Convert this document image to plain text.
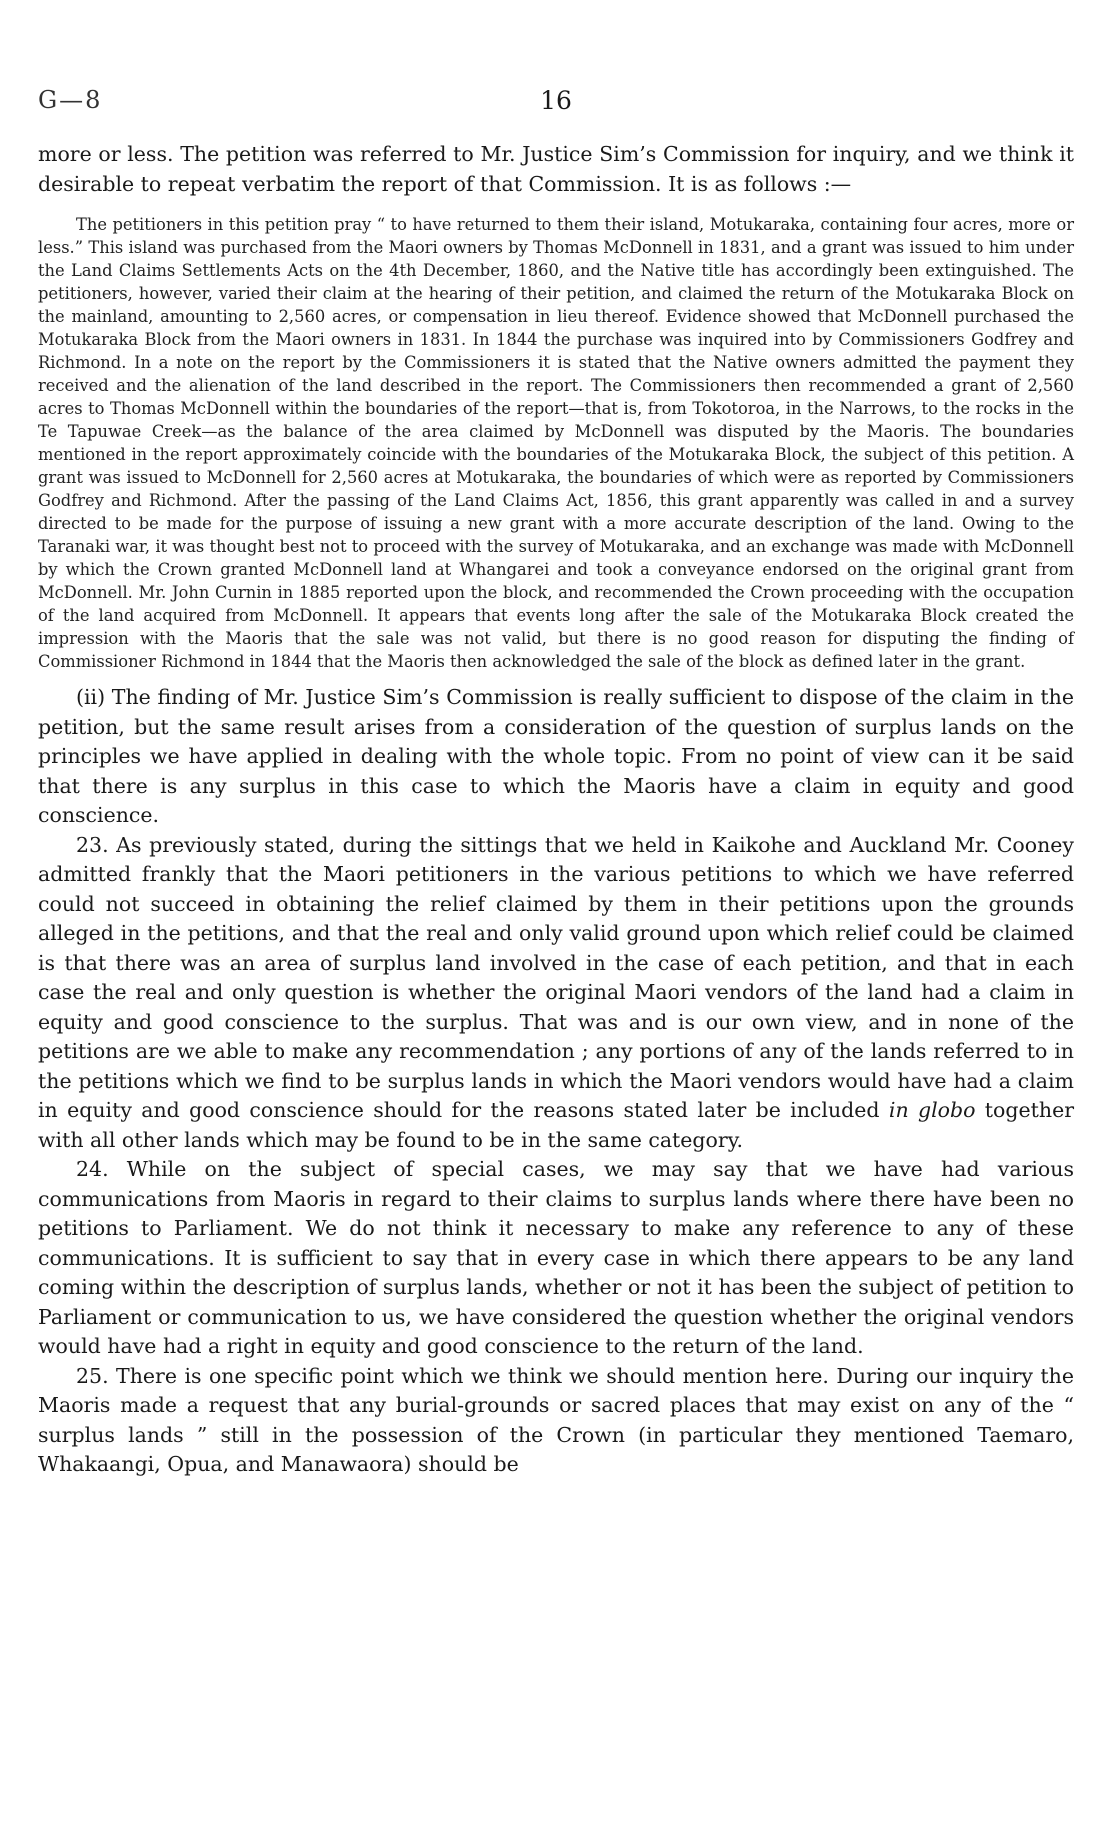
G—8	16

more or less. The petition was referred to Mr. Justice Sim’s Commission for inquiry, and we think it desirable to repeat verbatim the report of that Commission. It is as follows :—

The petitioners in this petition pray “ to have returned to them their island, Motukaraka, containing four acres, more or less.” This island was purchased from the Maori owners by Thomas McDonnell in 1831, and a grant was issued to him under the Land Claims Settlements Acts on the 4th December, 1860, and the Native title has accordingly been extinguished. The petitioners, however, varied their claim at the hearing of their petition, and claimed the return of the Motukaraka Block on the mainland, amounting to 2,560 acres, or compensation in lieu thereof. Evidence showed that McDonnell purchased the Motukaraka Block from the Maori owners in 1831. In 1844 the purchase was inquired into by Commissioners Godfrey and Richmond. In a note on the report by the Commissioners it is stated that the Native owners admitted the payment they received and the alienation of the land described in the report. The Commissioners then recommended a grant of 2,560 acres to Thomas McDonnell within the boundaries of the report—that is, from Tokotoroa, in the Narrows, to the rocks in the Te Tapuwae Creek—as the balance of the area claimed by McDonnell was disputed by the Maoris. The boundaries mentioned in the report approximately coincide with the boundaries of the Motukaraka Block, the subject of this petition. A grant was issued to McDonnell for 2,560 acres at Motukaraka, the boundaries of which were as reported by Commissioners Godfrey and Richmond. After the passing of the Land Claims Act, 1856, this grant apparently was called in and a survey directed to be made for the purpose of issuing a new grant with a more accurate description of the land. Owing to the Taranaki war, it was thought best not to proceed with the survey of Motukaraka, and an exchange was made with McDonnell by which the Crown granted McDonnell land at Whangarei and took a conveyance endorsed on the original grant from McDonnell. Mr. John Curnin in 1885 reported upon the block, and recommended the Crown proceeding with the occupation of the land acquired from McDonnell. It appears that events long after the sale of the Motukaraka Block created the impression with the Maoris that the sale was not valid, but there is no good reason for disputing the finding of Commissioner Richmond in 1844 that the Maoris then acknowledged the sale of the block as defined later in the grant.

(ii) The finding of Mr. Justice Sim’s Commission is really sufficient to dispose of the claim in the petition, but the same result arises from a consideration of the question of surplus lands on the principles we have applied in dealing with the whole topic. From no point of view can it be said that there is any surplus in this case to which the Maoris have a claim in equity and good conscience.

23. As previously stated, during the sittings that we held in Kaikohe and Auckland Mr. Cooney admitted frankly that the Maori petitioners in the various petitions to which we have referred could not succeed in obtaining the relief claimed by them in their petitions upon the grounds alleged in the petitions, and that the real and only valid ground upon which relief could be claimed is that there was an area of surplus land involved in the case of each petition, and that in each case the real and only question is whether the original Maori vendors of the land had a claim in equity and good conscience to the surplus. That was and is our own view, and in none of the petitions are we able to make any recommendation ; any portions of any of the lands referred to in the petitions which we find to be surplus lands in which the Maori vendors would have had a claim in equity and good conscience should for the reasons stated later be included in globo together with all other lands which may be found to be in the same category.

24. While on the subject of special cases, we may say that we have had various communications from Maoris in regard to their claims to surplus lands where there have been no petitions to Parliament. We do not think it necessary to make any reference to any of these communications. It is sufficient to say that in every case in which there appears to be any land coming within the description of surplus lands, whether or not it has been the subject of petition to Parliament or communication to us, we have considered the question whether the original vendors would have had a right in equity and good conscience to the return of the land.

25. There is one specific point which we think we should mention here. During our inquiry the Maoris made a request that any burial-grounds or sacred places that may exist on any of the “ surplus lands ” still in the possession of the Crown (in particular they mentioned Taemaro, Whakaangi, Opua, and Manawaora) should be
